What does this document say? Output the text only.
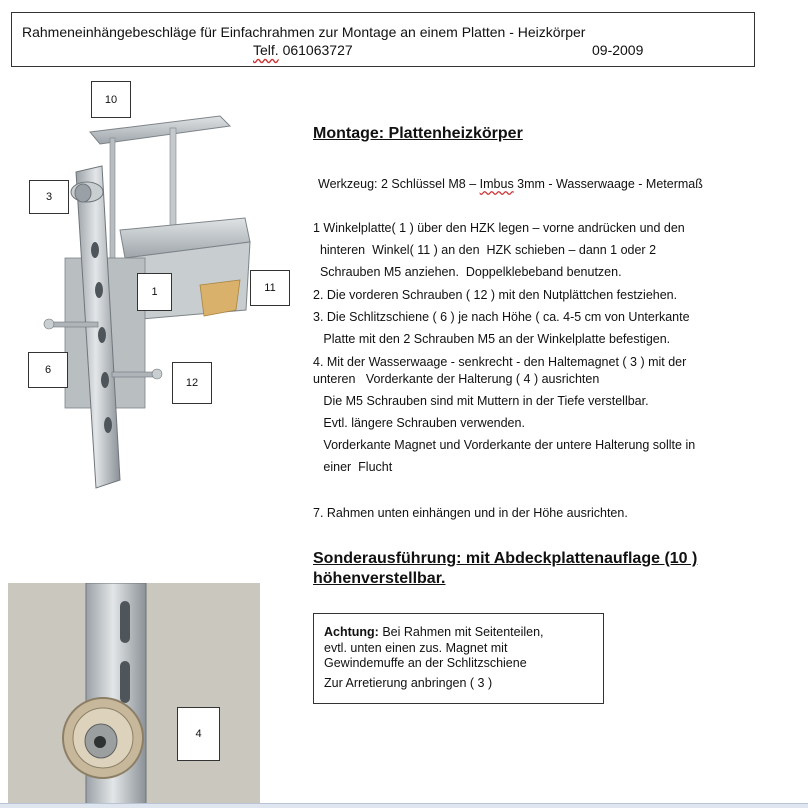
Rahmeneinhängebeschläge für Einfachrahmen zur Montage an einem Platten - Heizkörper
Telf. 061063727	09-2009
10
3
1	11
6
12
4
Montage: Plattenheizkörper
Werkzeug: 2 Schlüssel M8 – Imbus 3mm - Wasserwaage - Metermaß
1 Winkelplatte( 1 ) über den HZK legen – vorne andrücken und den
hinteren  Winkel( 11 ) an den  HZK schieben – dann 1 oder 2
Schrauben M5 anziehen.  Doppelklebeband benutzen.
2. Die vorderen Schrauben ( 12 ) mit den Nutplättchen festziehen.
3. Die Schlitzschiene ( 6 ) je nach Höhe ( ca. 4-5 cm von Unterkante
Platte mit den 2 Schrauben M5 an der Winkelplatte befestigen.
4. Mit der Wasserwaage - senkrecht - den Haltemagnet ( 3 ) mit der
unteren   Vorderkante der Halterung ( 4 ) ausrichten
Die M5 Schrauben sind mit Muttern in der Tiefe verstellbar.
Evtl. längere Schrauben verwenden.
Vorderkante Magnet und Vorderkante der untere Halterung sollte in
einer  Flucht
7. Rahmen unten einhängen und in der Höhe ausrichten.
Sonderausführung: mit Abdeckplattenauflage (10 )
höhenverstellbar.
Achtung: Bei Rahmen mit Seitenteilen,
evtl. unten einen zus. Magnet mit
Gewindemuffe an der Schlitzschiene
Zur Arretierung anbringen ( 3 )
